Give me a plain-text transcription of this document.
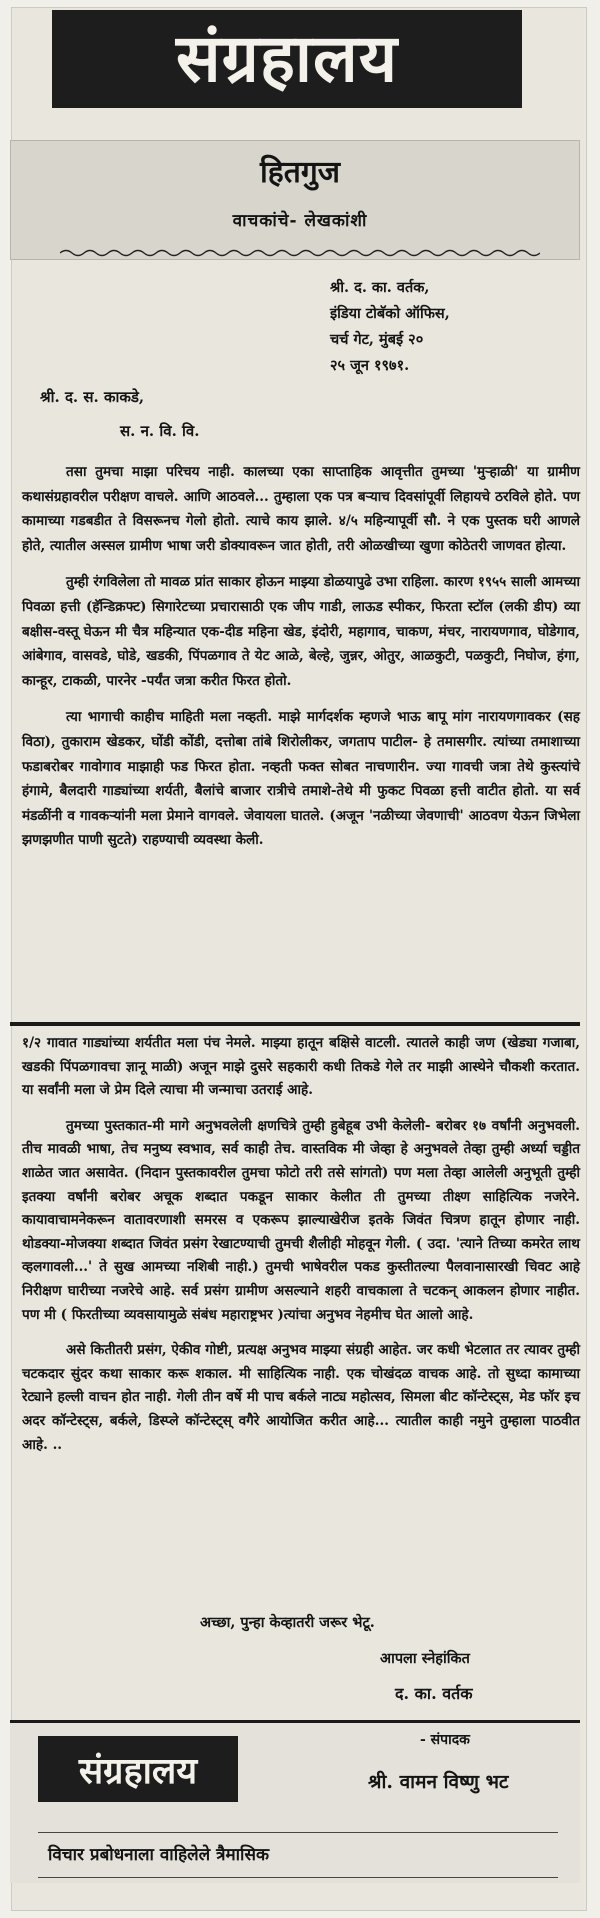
संग्रहालय
हितगुज
वाचकांचे- लेखकांशी
श्री. द. का. वर्तक,
इंडिया टोबॅको ऑफिस,
चर्च गेट, मुंबई २०
२५ जून १९७१.
श्री. द. स. काकडे,
स. न. वि. वि.

तसा तुमचा माझा परिचय नाही. कालच्या एका साप्ताहिक आवृत्तीत तुमच्या 'मुऱ्हाळी' या ग्रामीण कथासंग्रहावरील परीक्षण वाचले. आणि आठवले... तुम्हाला एक पत्र बऱ्याच दिवसांपूर्वी लिहायचे ठरविले होते. पण कामाच्या गडबडीत ते विसरूनच गेलो होतो. त्याचे काय झाले. ४/५ महिन्यापूर्वी सौ. ने एक पुस्तक घरी आणले होते, त्यातील अस्सल ग्रामीण भाषा जरी डोक्यावरून जात होती, तरी ओळखीच्या खुणा कोठेतरी जाणवत होत्या.

तुम्ही रंगविलेला तो मावळ प्रांत साकार होऊन माझ्या डोळयापुढे उभा राहिला. कारण १९५५ साली आमच्या पिवळा हत्ती (हॅन्डिक्रफ्ट) सिगारेटच्या प्रचारासाठी एक जीप गाडी, लाऊड स्पीकर, फिरता स्टॉल (लकी डीप) व्या बक्षीस-वस्तू घेऊन मी चैत्र महिन्यात एक-दीड महिना खेड, इंदोरी, महागाव, चाकण, मंचर, नारायणगाव, घोडेगाव, आंबेगाव, वासवडे, घोडे, खडकी, पिंपळगाव ते येट आळे, बेल्हे, जुन्नर, ओतुर, आळकुटी, पळकुटी, निघोज, हंगा, कान्हूर, टाकळी, पारनेर -पर्यंत जत्रा करीत फिरत होतो.

त्या भागाची काहीच माहिती मला नव्हती. माझे मार्गदर्शक म्हणजे भाऊ बापू मांग नारायणगावकर (सह विठा), तुकाराम खेडकर, घोंडी कोंडी, दत्तोबा तांबे शिरोलीकर, जगताप पाटील- हे तमासगीर. त्यांच्या तमाशाच्या फडाबरोबर गावोगाव माझाही फड फिरत होता. नव्हती फक्त सोबत नाचणारीन. ज्या गावची जत्रा तेथे कुस्त्यांचे हंगामे, बैलदारी गाड्यांच्या शर्यती, बैलांचे बाजार रात्रीचे तमाशे-तेथे मी फुकट पिवळा हत्ती वाटीत होतो. या सर्व मंडळींनी व गावकऱ्यांनी मला प्रेमाने वागवले. जेवायला घातले. (अजून 'नळीच्या जेवणाची' आठवण येऊन जिभेला झणझणीत पाणी सुटते) राहण्याची व्यवस्था केली.

१/२ गावात गाड्यांच्या शर्यतीत मला पंच नेमले. माझ्या हातून बक्षिसे वाटली. त्यातले काही जण (खेड्या गजाबा, खडकी पिंपळगावचा ज्ञानू माळी) अजून माझे दुसरे सहकारी कधी तिकडे गेले तर माझी आस्थेने चौकशी करतात. या सर्वांनी मला जे प्रेम दिले त्याचा मी जन्माचा उतराई आहे.

तुमच्या पुस्तकात-मी मागे अनुभवलेली क्षणचित्रे तुम्ही हुबेहूब उभी केलेली- बरोबर १७ वर्षांनी अनुभवली. तीच मावळी भाषा, तेच मनुष्य स्वभाव, सर्व काही तेच. वास्तविक मी जेव्हा हे अनुभवले तेव्हा तुम्ही अर्ध्या चड्डीत शाळेत जात असावेत. (निदान पुस्तकावरील तुमचा फोटो तरी तसे सांगतो) पण मला तेव्हा आलेली अनुभूती तुम्ही इतक्या वर्षांनी बरोबर अचूक शब्दात पकडून साकार केलीत ती तुमच्या तीक्ष्ण साहित्यिक नजरेने. कायावाचामनेकरून वातावरणाशी समरस व एकरूप झाल्याखेरीज इतके जिवंत चित्रण हातून होणार नाही. थोडक्या-मोजक्या शब्दात जिवंत प्रसंग रेखाटण्याची तुमची शैलीही मोहवून गेली. ( उदा. 'त्याने तिच्या कमरेत लाथ व्हलगावली...' ते सुख आमच्या नशिबी नाही.) तुमची भाषेवरील पकड कुस्तीतल्या पैलवानासारखी चिवट आहे निरीक्षण घारीच्या नजरेचे आहे. सर्व प्रसंग ग्रामीण असल्याने शहरी वाचकाला ते चटकन् आकलन होणार नाहीत. पण मी ( फिरतीच्या व्यवसायामुळे संबंध महाराष्ट्रभर )त्यांचा अनुभव नेहमीच घेत आलो आहे.

असे कितीतरी प्रसंग, ऐकीव गोष्टी, प्रत्यक्ष अनुभव माझ्या संग्रही आहेत. जर कधी भेटलात तर त्यावर तुम्ही चटकदार सुंदर कथा साकार करू शकाल. मी साहित्यिक नाही. एक चोखंदळ वाचक आहे. तो सुध्दा कामाच्या रेट्याने हल्ली वाचन होत नाही. गेली तीन वर्षे मी पाच बर्कले नाट्य महोत्सव, सिमला बीट कॉन्टेस्ट्स, मेड फॉर इच अदर कॉन्टेस्ट्स, बर्कले, डिस्प्ले कॉन्टेस्ट्स् वगैरे आयोजित करीत आहे... त्यातील काही नमुने तुम्हाला पाठवीत आहे. ..

अच्छा, पुन्हा केव्हातरी जरूर भेटू.
आपला स्नेहांकित
द. का. वर्तक
संग्रहालय
- संपादक
श्री. वामन विष्णु भट
विचार प्रबोधनाला वाहिलेले त्रैमासिक
